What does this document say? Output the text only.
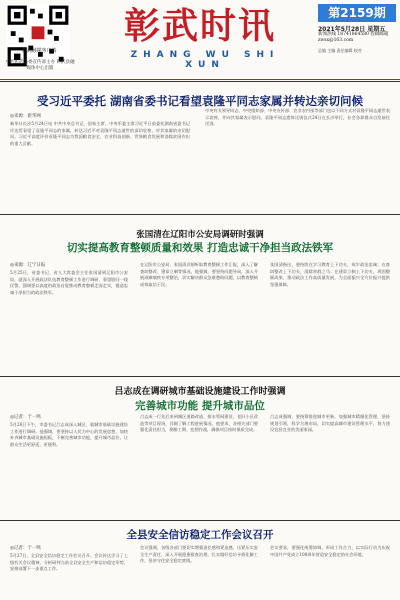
彰武融媒客户端
中共彰武县委宣传部主办 彰武县融媒体中心出版
彰武时讯
ZHANG WU SHI XUN
第2159期
2021年5月28日 星期五
新闻热线 18741864580 投稿邮箱 zwsx@163.com
总编 主编 责任编辑 校对
受习近平委托 湖南省委书记看望袁隆平同志家属并转达亲切问候
◎来源：新华网
新华社长沙5月24日电 中共中央总书记、国家主席、中央军委主席习近平日前委托湖南省委书记许达哲看望了袁隆平同志的家属，转达习近平对袁隆平同志逝世的深切哀悼，对其家属的亲切慰问。习近平高度评价袁隆平同志为我国粮食安全、农业科技创新、世界粮食发展和消除贫困作出的重大贡献。
中央有关领导同志，中央组织部、中央宣传部、农业农村部等部门也以不同方式对袁隆平同志逝世表示哀悼，并向其家属表示慰问。袁隆平同志遗体送别仪式24日在长沙举行，社会各界群众自发前往送别。
张国清在辽阳市公安局调研时强调
切实提高教育整顿质量和效果 打造忠诚干净担当政法铁军
◎来源：辽宁日报
5月25日，省委书记、省人大常委会主任张国清到辽阳市公安局，就深入开展政法队伍教育整顿工作进行调研，看望慰问一线民警，强调要以高度的政治自觉推动教育整顿走深走实，锻造忠诚干净担当的政法铁军。
在辽阳市公安局，张国清详细听取教育整顿工作汇报，深入了解查纠整改、建章立制等情况。他强调，要坚持问题导向，深入开展顽瘴痼疾专项整治，切实解决群众急难愁盼问题，以教育整顿成效取信于民。
张国清指出，要持续在学习教育上下功夫，筑牢政治忠诚；在查纠整改上下功夫，清除害群之马；在建章立制上下功夫，巩固整顿成果，推动政法工作高质量发展，为全面振兴全方位振兴提供坚强保障。
吕志成在调研城市基础设施建设工作时强调
完善城市功能 提升城市品位
◎记者：于一鸣
5月26日下午，市委书记吕志成深入城区，就城市基础设施建设工作进行调研。他强调，要坚持以人民为中心的发展思想，加快补齐城市基础设施短板，不断完善城市功能，提升城市品位，让群众生活更舒适、更便利。
吕志成一行先后来到城区道路改造、排水管网建设、老旧小区改造等项目现场，详细了解工程进展情况。他要求，各相关部门要强化责任担当，倒排工期、挂图作战，确保项目按时保质完成。
吕志成强调，要统筹推进城市更新，加强城市精细化管理，坚持规划引领，科学合理布局，切实提高城市建设管理水平，努力建设宜居宜业的美丽家园。
全县安全信访稳定工作会议召开
◎记者：于一鸣
5月27日，全县安全信访稳定工作会议召开。会议传达学习了上级有关会议精神，分析研判当前全县安全生产和信访稳定形势，安排部署下一步重点工作。
会议强调，各级各部门要切实增强责任感和紧迫感，压紧压实安全生产责任，深入开展隐患排查治理，扎实做好信访矛盾化解工作，坚决守住安全稳定底线。
会议要求，要强化统筹协调，形成工作合力，以实际行动为庆祝中国共产党成立100周年营造安全稳定的社会环境。
